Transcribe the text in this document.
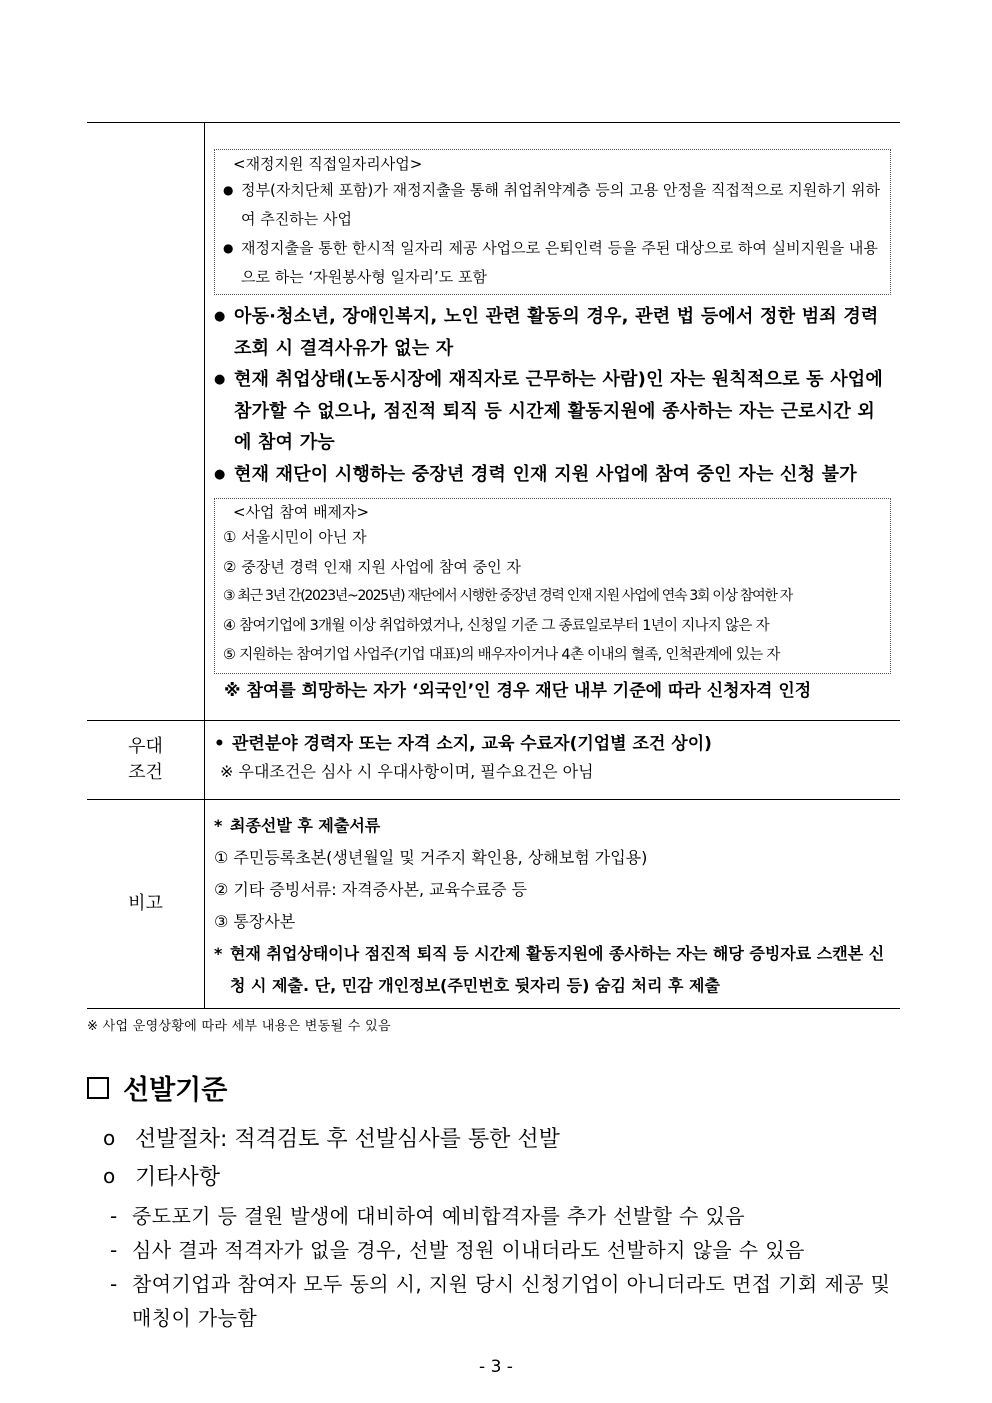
<재정지원 직접일자리사업>
● 정부(자치단체 포함)가 재정지출을 통해 취업취약계층 등의 고용 안정을 직접적으로 지원하기 위하여 추진하는 사업
● 재정지출을 통한 한시적 일자리 제공 사업으로 은퇴인력 등을 주된 대상으로 하여 실비지원을 내용으로 하는 ‘자원봉사형 일자리’도 포함
● 아동·청소년, 장애인복지, 노인 관련 활동의 경우, 관련 법 등에서 정한 범죄 경력 조회 시 결격사유가 없는 자
● 현재 취업상태(노동시장에 재직자로 근무하는 사람)인 자는 원칙적으로 동 사업에 참가할 수 없으나, 점진적 퇴직 등 시간제 활동지원에 종사하는 자는 근로시간 외에 참여 가능
● 현재 재단이 시행하는 중장년 경력 인재 지원 사업에 참여 중인 자는 신청 불가
<사업 참여 배제자>
① 서울시민이 아닌 자
② 중장년 경력 인재 지원 사업에 참여 중인 자
③ 최근 3년 간(2023년~2025년) 재단에서 시행한 중장년 경력 인재 지원 사업에 연속 3회 이상 참여한 자
④ 참여기업에 3개월 이상 취업하였거나, 신청일 기준 그 종료일로부터 1년이 지나지 않은 자
⑤ 지원하는 참여기업 사업주(기업 대표)의 배우자이거나 4촌 이내의 혈족, 인척관계에 있는 자
※ 참여를 희망하는 자가 ‘외국인’인 경우 재단 내부 기준에 따라 신청자격 인정
우대
조건
• 관련분야 경력자 또는 자격 소지, 교육 수료자(기업별 조건 상이)
※ 우대조건은 심사 시 우대사항이며, 필수요건은 아님
비고
* 최종선발 후 제출서류
① 주민등록초본(생년월일 및 거주지 확인용, 상해보험 가입용)
② 기타 증빙서류: 자격증사본, 교육수료증 등
③ 통장사본
* 현재 취업상태이나 점진적 퇴직 등 시간제 활동지원에 종사하는 자는 해당 증빙자료 스캔본 신청 시 제출. 단, 민감 개인정보(주민번호 뒷자리 등) 숨김 처리 후 제출
※ 사업 운영상황에 따라 세부 내용은 변동될 수 있음
선발기준
o 선발절차: 적격검토 후 선발심사를 통한 선발
o 기타사항
- 중도포기 등 결원 발생에 대비하여 예비합격자를 추가 선발할 수 있음
- 심사 결과 적격자가 없을 경우, 선발 정원 이내더라도 선발하지 않을 수 있음
- 참여기업과 참여자 모두 동의 시, 지원 당시 신청기업이 아니더라도 면접 기회 제공 및 매칭이 가능함
- 3 -
